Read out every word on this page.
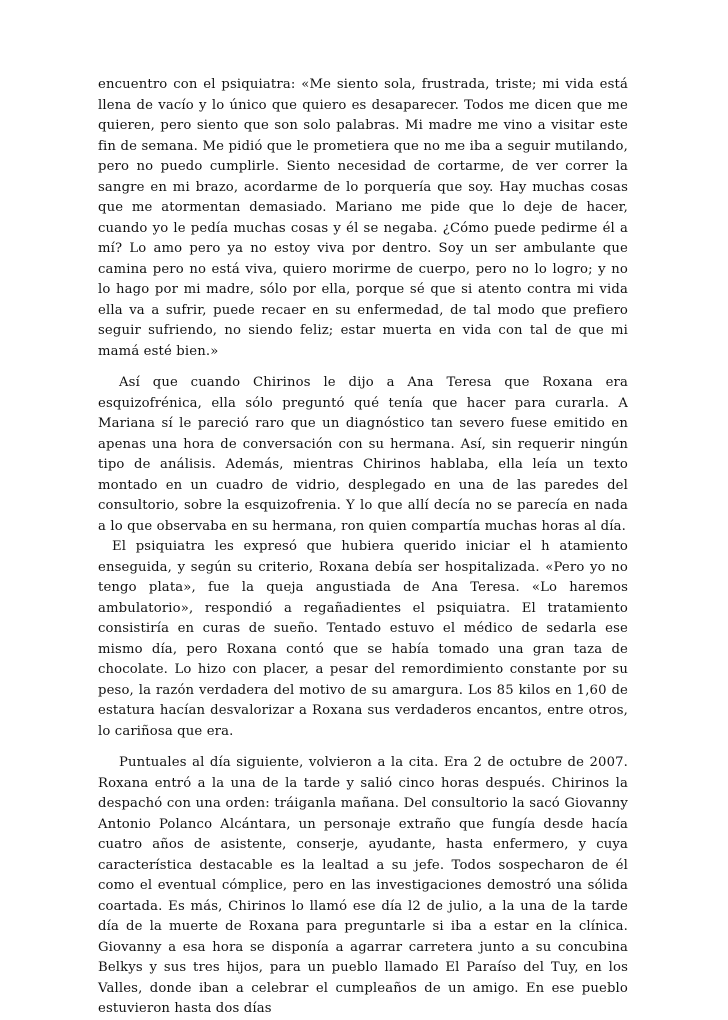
encuentro con el psiquiatra: «Me siento sola, frustrada, triste; mi vida está llena de vacío y lo único que quiero es desaparecer. Todos me dicen que me quieren, pero siento que son solo palabras. Mi madre me vino a visitar este fin de semana. Me pidió que le prometiera que no me iba a seguir mutilando, pero no puedo cumplirle. Siento necesidad de cortarme, de ver correr la sangre en mi brazo, acordarme de lo porquería que soy. Hay muchas cosas que me atormentan demasiado. Mariano me pide que lo deje de hacer, cuando yo le pedía muchas cosas y él se negaba. ¿Cómo puede pedirme él a mí? Lo amo pero ya no estoy viva por dentro. Soy un ser ambulante que camina pero no está viva, quiero morirme de cuerpo, pero no lo logro; y no lo hago por mi madre, sólo por ella, porque sé que si atento contra mi vida ella va a sufrir, puede recaer en su enfermedad, de tal modo que prefiero seguir sufriendo, no siendo feliz; estar muerta en vida con tal de que mi mamá esté bien.»

Así que cuando Chirinos le dijo a Ana Teresa que Roxana era esquizofrénica, ella sólo preguntó qué tenía que hacer para curarla. A Mariana sí le pareció raro que un diagnóstico tan severo fuese emitido en apenas una hora de conversación con su hermana. Así, sin requerir ningún tipo de análisis. Además, mientras Chirinos hablaba, ella leía un texto montado en un cuadro de vidrio, desplegado en una de las paredes del consultorio, sobre la esquizofrenia. Y lo que allí decía no se parecía en nada a lo que observaba en su hermana, ron quien compartía muchas horas al día.

El psiquiatra les expresó que hubiera querido iniciar el h atamiento enseguida, y según su criterio, Roxana debía ser hospitalizada. «Pero yo no tengo plata», fue la queja angustiada de Ana Teresa. «Lo haremos ambulatorio», respondió a regañadientes el psiquiatra. El tratamiento consistiría en curas de sueño. Tentado estuvo el médico de sedarla ese mismo día, pero Roxana contó que se había tomado una gran taza de chocolate. Lo hizo con placer, a pesar del remordimiento constante por su peso, la razón verdadera del motivo de su amargura. Los 85 kilos en 1,60 de estatura hacían desvalorizar a Roxana sus verdaderos encantos, entre otros, lo cariñosa que era.

Puntuales al día siguiente, volvieron a la cita. Era 2 de octubre de 2007. Roxana entró a la una de la tarde y salió cinco horas después. Chirinos la despachó con una orden: tráiganla mañana. Del consultorio la sacó Giovanny Antonio Polanco Alcántara, un personaje extraño que fungía desde hacía cuatro años de asistente, conserje, ayudante, hasta enfermero, y cuya característica destacable es la lealtad a su jefe. Todos sospecharon de él como el eventual cómplice, pero en las investigaciones demostró una sólida coartada. Es más, Chirinos lo llamó ese día l2 de julio, a la una de la tarde día de la muerte de Roxana para preguntarle si iba a estar en la clínica. Giovanny a esa hora se disponía a agarrar carretera junto a su concubina Belkys y sus tres hijos, para un pueblo llamado El Paraíso del Tuy, en los Valles, donde iban a celebrar el cumpleaños de un amigo. En ese pueblo estuvieron hasta dos días
